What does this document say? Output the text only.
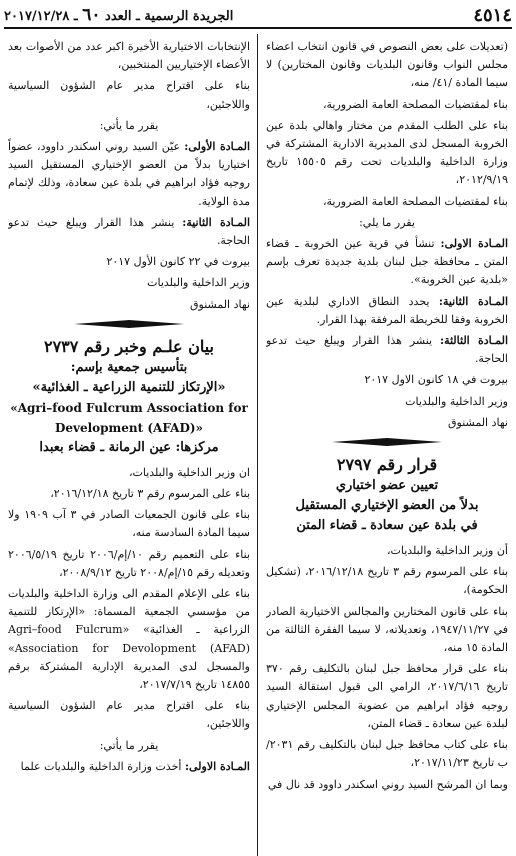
الجريدة الرسمية ـ العدد ٦٠ ـ ٢٠١٧/١٢/٢٨	٤٥١٤

(تعديلات على بعض النصوص في قانون انتخاب اعضاء مجلس النواب وقانون البلديات وقانون المختارين) لا سيما المادة /٤١/ منه،

بناء لمقتضيات المصلحة العامة الضرورية،

بناء على الطلب المقدم من مختار واهالي بلدة عين الخروبة المسجل لدى المديرية الادارية المشتركة في وزارة الداخلية والبلديات تحت رقم ١٥٥٠٥ تاريخ ٢٠١٢/٩/١٩،

بناء لمقتضيات المصلحة العامة الضرورية،

يقرر ما يلي:

المـادة الاولى: تنشأ في قرية عين الخروبة ـ قضاء المتن ـ محافظة جبل لبنان بلدية جديدة تعرف بإسم «بلدية عين الخروبة».

المـادة الثانية: يحدد النطاق الاداري لبلدية عين الخروبة وفقا للخريطة المرفقة بهذا القرار.

المـادة الثالثة: ينشر هذا القرار ويبلغ حيث تدعو الحاجة.

بيروت في ١٨ كانون الاول ٢٠١٧

وزير الداخلية والبلديات

نهاد المشنوق

قرار رقم ٢٧٩٧
تعيين عضو اختياري
بدلاً من العضو الإختياري المستقيل
في بلدة عين سعادة ـ قضاء المتن

أن وزير الداخلية والبلديات،

بناء على المرسوم رقم ٣ تاريخ ٢٠١٦/١٢/١٨، (تشكيل الحكومة)،

بناء على قانون المختارين والمجالس الاختيارية الصادر في ١٩٤٧/١١/٢٧، وتعديلاته، لا سيما الفقرة الثالثة من المادة ١٥ منه،

بناء على قرار محافظ جبل لبنان بالتكليف رقم ٣٧٠ تاريخ ٢٠١٧/٦/١٦، الرامي الى قبول استقالة السيد روجيه فؤاد ابراهيم من عضوية المجلس الإختياري لبلدة عين سعادة ـ قضاء المتن،

بناء على كتاب محافظ جبل لبنان بالتكليف رقم ٢٠٣١/ ب تاريخ ٢٠١٧/١١/٢٣،

وبما ان المرشح السيد روني اسكندر داوود قد نال في

الإنتخابات الاختيارية الأخيرة اكبر عدد من الأصوات بعد الأعضاء الإختياريين المنتخبين،

بناء على اقتراح مدير عام الشؤون السياسية واللاجئين،

يقرر ما يأتي:

المـادة الأولى: عيّن السيد روني اسكندر داوود، عضواً اختياريا بدلاً من العضو الإختياري المستقيل السيد روجيه فؤاد ابراهيم في بلدة عين سعادة، وذلك لإتمام مدة الولاية.

المـادة الثانية: ينشر هذا القرار ويبلغ حيث تدعو الحاجة.

بيروت في ٢٢ كانون الأول ٢٠١٧

وزير الداخلية والبلديات

نهاد المشنوق

بيان علـم وخبر رقم ٢٧٣٧
بتأسيس جمعية بإسم:
«الإرتكاز للتنمية الزراعية ـ الغذائية»
«Agri–food Fulcrum Association for
Development (AFAD)»
مركزها: عين الرمانة ـ قضاء بعبدا

ان وزير الداخلية والبلديات،

بناء على المرسوم رقم ٣ تاريخ ٢٠١٦/١٢/١٨،

بناء على قانون الجمعيات الصادر في ٣ آب ١٩٠٩ ولا سيما المادة السادسة منه،

بناء على التعميم رقم ١٠/إم/٢٠٠٦ تاريخ ٢٠٠٦/٥/١٩ وتعديله رقم ١٥/إم/٢٠٠٨ تاريخ ٢٠٠٨/٩/١٢،

بناء على الإعلام المقدم الى وزارة الداخلية والبلديات من مؤسسي الجمعية المسماة: «الإرتكاز للتنمية الزراعية ـ الغذائية» «Agri–food Fulcrum Association for Devolopment (AFAD)» والمسجل لدى المديرية الإدارية المشتركة برقم ١٤٨٥٥ تاريخ ٢٠١٧/٧/١٩،

بناء على اقتراح مدير عام الشؤون السياسية واللاجئين،

يقرر ما يأتي:

المـادة الاولى: أخذت وزارة الداخلية والبلديات علما
